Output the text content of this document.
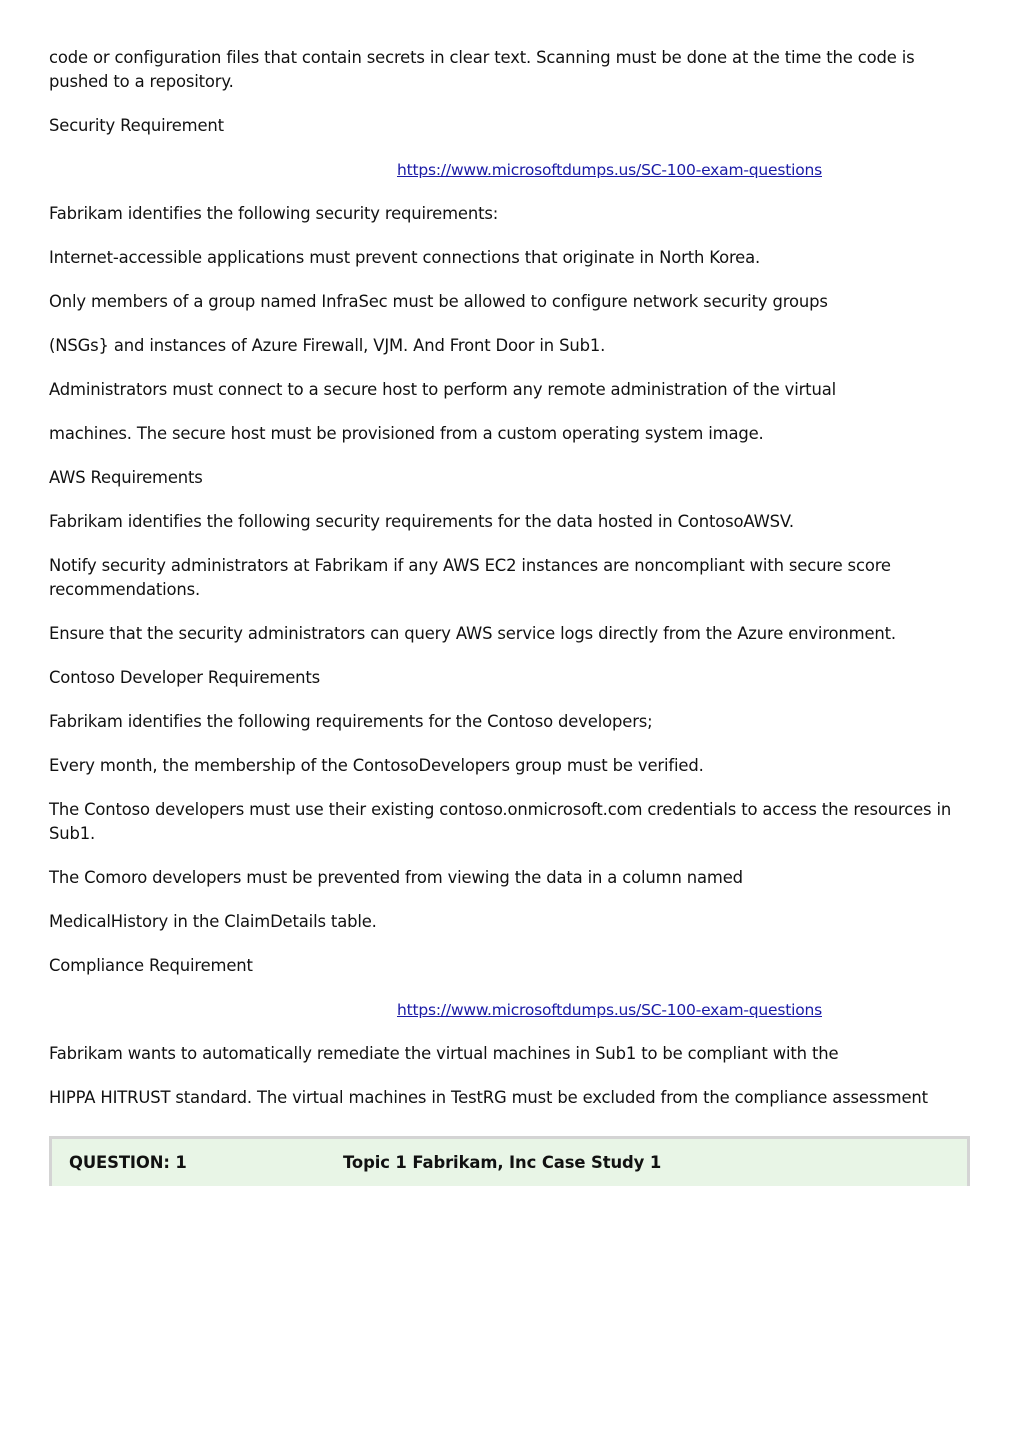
code or configuration files that contain secrets in clear text. Scanning must be done at the time the code is pushed to a repository.

Security Requirement

https://www.microsoftdumps.us/SC-100-exam-questions

Fabrikam identifies the following security requirements:

Internet-accessible applications must prevent connections that originate in North Korea.

Only members of a group named InfraSec must be allowed to configure network security groups

(NSGs} and instances of Azure Firewall, VJM. And Front Door in Sub1.

Administrators must connect to a secure host to perform any remote administration of the virtual

machines. The secure host must be provisioned from a custom operating system image.

AWS Requirements

Fabrikam identifies the following security requirements for the data hosted in ContosoAWSV.

Notify security administrators at Fabrikam if any AWS EC2 instances are noncompliant with secure score recommendations.

Ensure that the security administrators can query AWS service logs directly from the Azure environment.

Contoso Developer Requirements

Fabrikam identifies the following requirements for the Contoso developers;

Every month, the membership of the ContosoDevelopers group must be verified.

The Contoso developers must use their existing contoso.onmicrosoft.com credentials to access the resources in Sub1.

The Comoro developers must be prevented from viewing the data in a column named

MedicalHistory in the ClaimDetails table.

Compliance Requirement

https://www.microsoftdumps.us/SC-100-exam-questions

Fabrikam wants to automatically remediate the virtual machines in Sub1 to be compliant with the

HIPPA HITRUST standard. The virtual machines in TestRG must be excluded from the compliance assessment

QUESTION: 1	Topic 1 Fabrikam, Inc Case Study 1
